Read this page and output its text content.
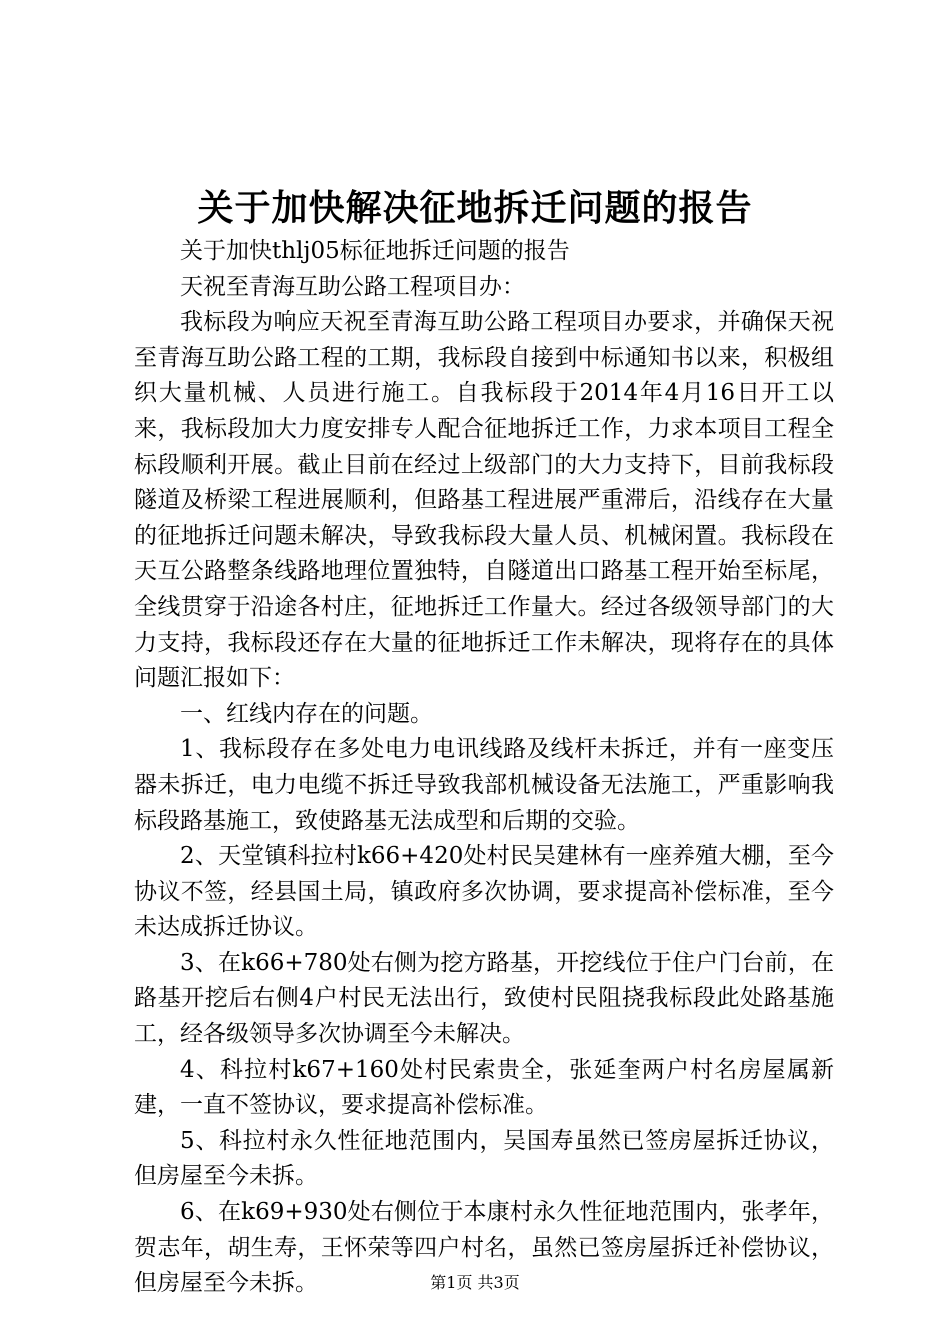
关于加快解决征地拆迁问题的报告

关于加快thlj05标征地拆迁问题的报告

天祝至青海互助公路工程项目办：

我标段为响应天祝至青海互助公路工程项目办要求，并确保天祝至青海互助公路工程的工期，我标段自接到中标通知书以来，积极组织大量机械、人员进行施工。自我标段于2014年4月16日开工以来，我标段加大力度安排专人配合征地拆迁工作，力求本项目工程全标段顺利开展。截止目前在经过上级部门的大力支持下，目前我标段隧道及桥梁工程进展顺利，但路基工程进展严重滞后，沿线存在大量的征地拆迁问题未解决，导致我标段大量人员、机械闲置。我标段在天互公路整条线路地理位置独特，自隧道出口路基工程开始至标尾，全线贯穿于沿途各村庄，征地拆迁工作量大。经过各级领导部门的大力支持，我标段还存在大量的征地拆迁工作未解决，现将存在的具体问题汇报如下：

一、红线内存在的问题。

1、我标段存在多处电力电讯线路及线杆未拆迁，并有一座变压器未拆迁，电力电缆不拆迁导致我部机械设备无法施工，严重影响我标段路基施工，致使路基无法成型和后期的交验。

2、天堂镇科拉村k66+420处村民吴建林有一座养殖大棚，至今协议不签，经县国土局，镇政府多次协调，要求提高补偿标准，至今未达成拆迁协议。

3、在k66+780处右侧为挖方路基，开挖线位于住户门台前，在路基开挖后右侧4户村民无法出行，致使村民阻挠我标段此处路基施工，经各级领导多次协调至今未解决。

4、科拉村k67+160处村民索贵全，张延奎两户村名房屋属新建，一直不签协议，要求提高补偿标准。

5、科拉村永久性征地范围内，吴国寿虽然已签房屋拆迁协议，但房屋至今未拆。

6、在k69+930处右侧位于本康村永久性征地范围内，张孝年，贺志年，胡生寿，王怀荣等四户村名，虽然已签房屋拆迁补偿协议，但房屋至今未拆。	第1页 共3页
